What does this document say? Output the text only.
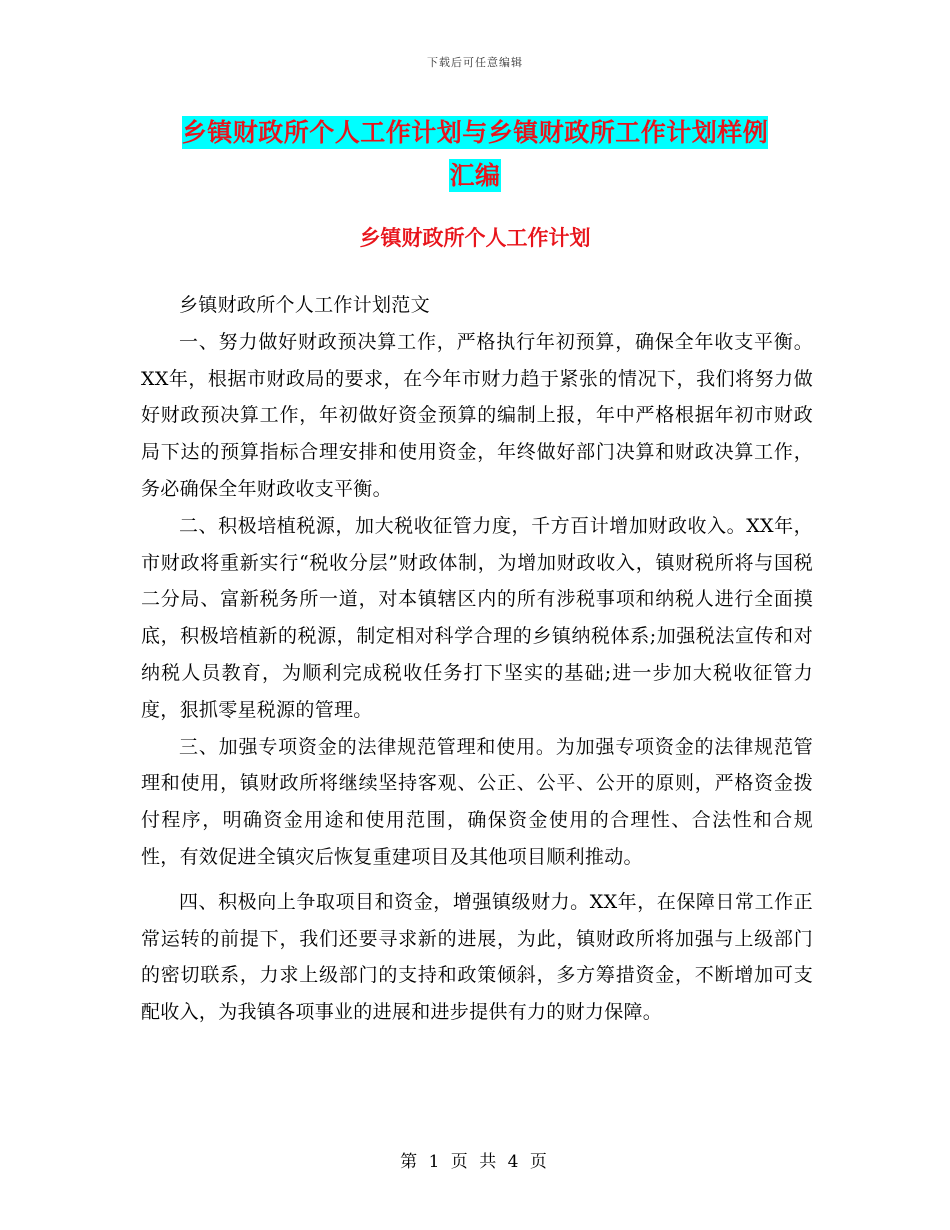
下载后可任意编辑
乡镇财政所个人工作计划与乡镇财政所工作计划样例
汇编
乡镇财政所个人工作计划

乡镇财政所个人工作计划范文

一、努力做好财政预决算工作，严格执行年初预算，确保全年收支平衡。XX年，根据市财政局的要求，在今年市财力趋于紧张的情况下，我们将努力做好财政预决算工作，年初做好资金预算的编制上报，年中严格根据年初市财政局下达的预算指标合理安排和使用资金，年终做好部门决算和财政决算工作，务必确保全年财政收支平衡。

二、积极培植税源，加大税收征管力度，千方百计增加财政收入。XX年，市财政将重新实行“税收分层”财政体制，为增加财政收入，镇财税所将与国税二分局、富新税务所一道，对本镇辖区内的所有涉税事项和纳税人进行全面摸底，积极培植新的税源，制定相对科学合理的乡镇纳税体系;加强税法宣传和对纳税人员教育，为顺利完成税收任务打下坚实的基础;进一步加大税收征管力度，狠抓零星税源的管理。

三、加强专项资金的法律规范管理和使用。为加强专项资金的法律规范管理和使用，镇财政所将继续坚持客观、公正、公平、公开的原则，严格资金拨付程序，明确资金用途和使用范围，确保资金使用的合理性、合法性和合规性，有效促进全镇灾后恢复重建项目及其他项目顺利推动。

四、积极向上争取项目和资金，增强镇级财力。XX年，在保障日常工作正常运转的前提下，我们还要寻求新的进展，为此，镇财政所将加强与上级部门的密切联系，力求上级部门的支持和政策倾斜，多方筹措资金，不断增加可支配收入，为我镇各项事业的进展和进步提供有力的财力保障。

第 1 页 共 4 页
